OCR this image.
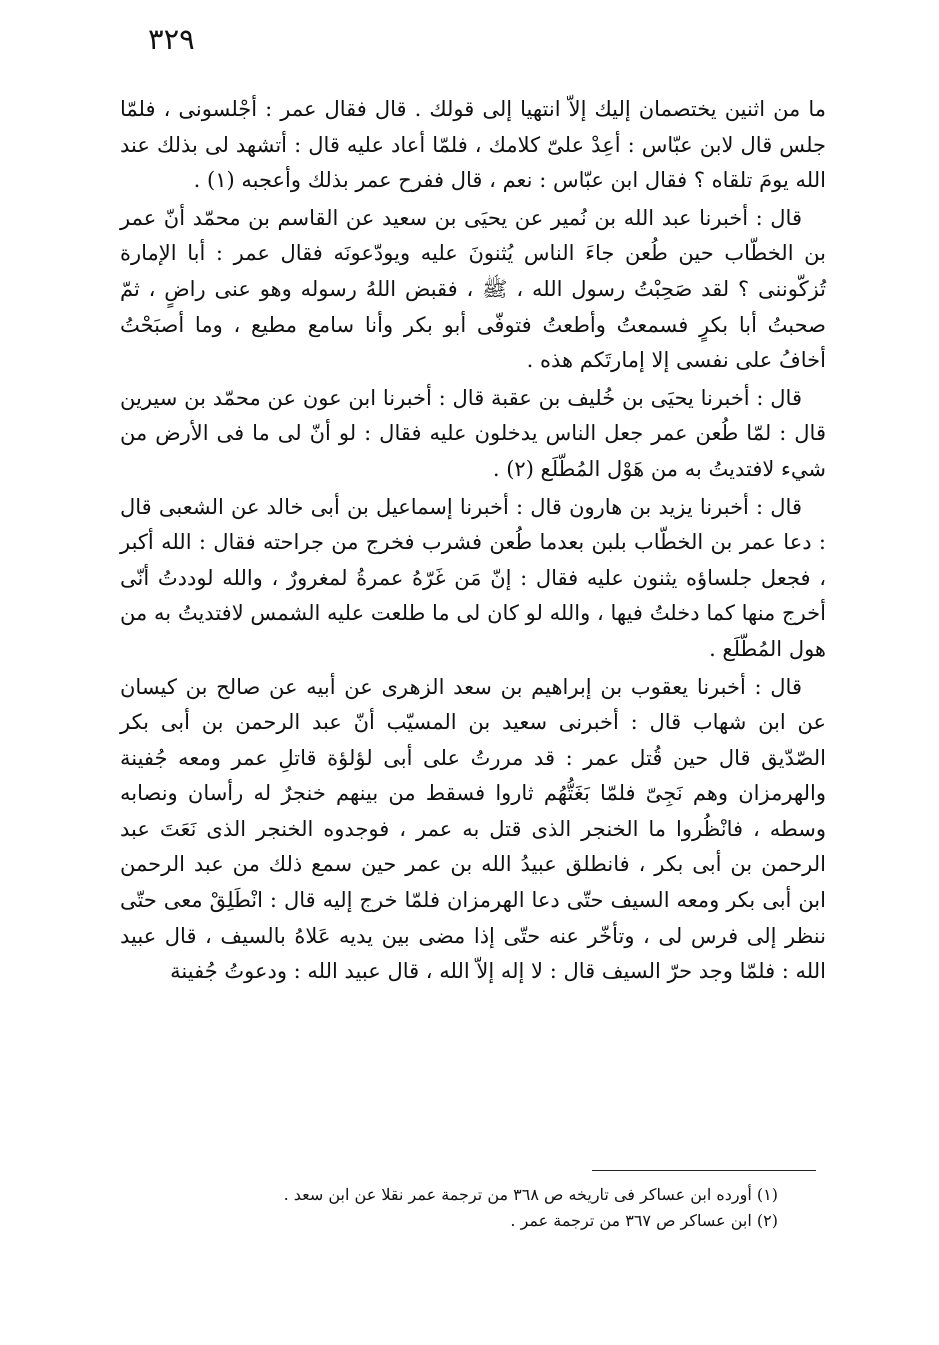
٣٢٩

ما من اثنين يختصمان إليك إلاّ انتهيا إلى قولك . قال فقال عمر : أجْلسونى ، فلمّا جلس قال لابن عبّاس : أعِدْ علىّ كلامك ، فلمّا أعاد عليه قال : أتشهد لى بذلك عند الله يومَ تلقاه ؟ فقال ابن عبّاس : نعم ، قال ففرح عمر بذلك وأعجبه (١) .

قال : أخبرنا عبد الله بن نُمير عن يحيَى بن سعيد عن القاسم بن محمّد أنّ عمر بن الخطّاب حين طُعن جاءَ الناس يُثنونَ عليه ويودّعونَه فقال عمر : أبا الإمارة تُزكّوننى ؟ لقد صَحِبْتُ رسول الله ، ﷺ ، فقبض اللهُ رسوله وهو عنى راضٍ ، ثمّ صحبتُ أبا بكرٍ فسمعتُ وأطعتُ فتوفّى أبو بكر وأنا سامع مطيع ، وما أصبَحْتُ أخافُ على نفسى إلا إمارتَكم هذه .

قال : أخبرنا يحيَى بن خُليف بن عقبة قال : أخبرنا ابن عون عن محمّد بن سيرين قال : لمّا طُعن عمر جعل الناس يدخلون عليه فقال : لو أنّ لى ما فى الأرض من شيء لافتديتُ به من هَوْل المُطّلَع (٢) .

قال : أخبرنا يزيد بن هارون قال : أخبرنا إسماعيل بن أبى خالد عن الشعبى قال : دعا عمر بن الخطّاب بلبن بعدما طُعن فشرب فخرج من جراحته فقال : الله أكبر ، فجعل جلساؤه يثنون عليه فقال : إنّ مَن غَرّهُ عمرةُ لمغرورٌ ، والله لوددتُ أنّى أخرج منها كما دخلتُ فيها ، والله لو كان لى ما طلعت عليه الشمس لافتديتُ به من هول المُطّلَع .

قال : أخبرنا يعقوب بن إبراهيم بن سعد الزهرى عن أبيه عن صالح بن كيسان عن ابن شهاب قال : أخبرنى سعيد بن المسيّب أنّ عبد الرحمن بن أبى بكر الصّدّيق قال حين قُتل عمر : قد مررتُ على أبى لؤلؤة قاتلِ عمر ومعه جُفينة والهرمزان وهم نَجِىّ فلمّا بَغَتُّهُم ثاروا فسقط من بينهم خنجرٌ له رأسان ونصابه وسطه ، فانْظُروا ما الخنجر الذى قتل به عمر ، فوجدوه الخنجر الذى نَعَتَ عبد الرحمن بن أبى بكر ، فانطلق عبيدُ الله بن عمر حين سمع ذلك من عبد الرحمن ابن أبى بكر ومعه السيف حتّى دعا الهرمزان فلمّا خرج إليه قال : انْطَلِقْ معى حتّى ننظر إلى فرس لى ، وتأخّر عنه حتّى إذا مضى بين يديه عَلاهُ بالسيف ، قال عبيد الله : فلمّا وجد حرّ السيف قال : لا إله إلاّ الله ، قال عبيد الله : ودعوتُ جُفينة

(١) أورده ابن عساكر فى تاريخه ص ٣٦٨ من ترجمة عمر نقلا عن ابن سعد .

(٢) ابن عساكر ص ٣٦٧ من ترجمة عمر .
